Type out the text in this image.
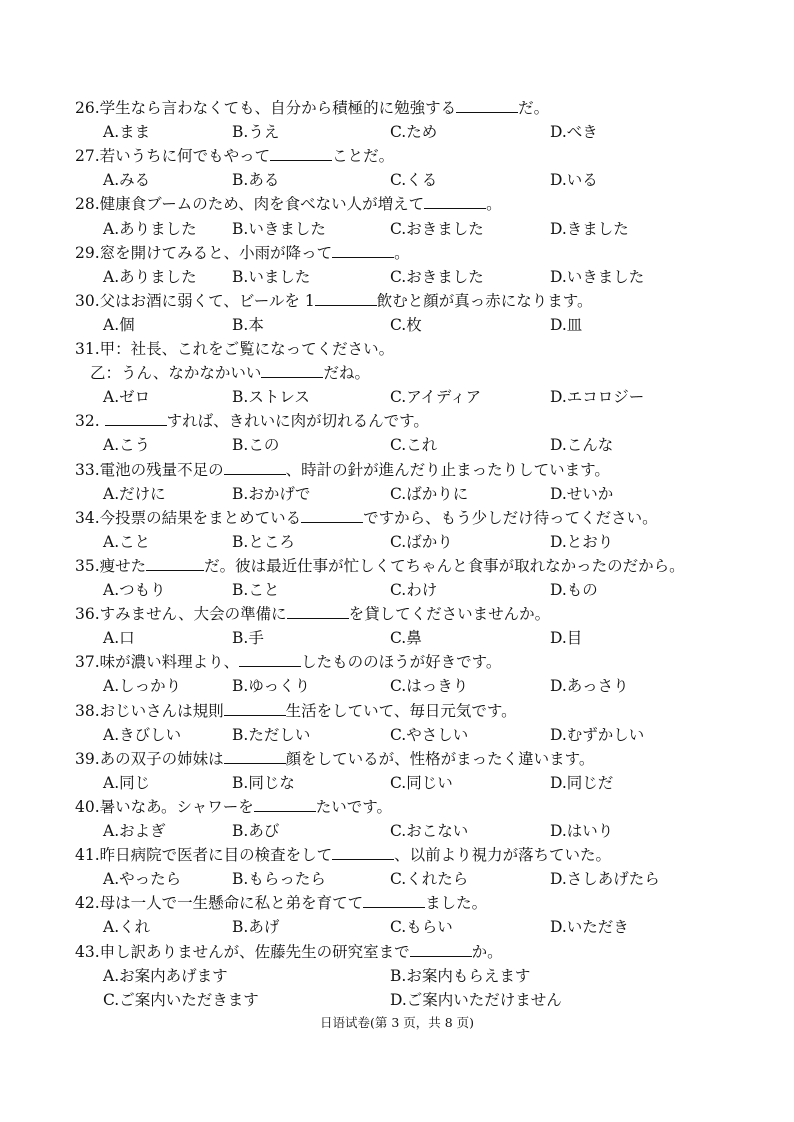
26.学生なら言わなくても、自分から積極的に勉強する	だ。
A.まま	B.うえ	C.ため	D.べき
27.若いうちに何でもやって	ことだ。
A.みる	B.ある	C.くる	D.いる
28.健康食ブームのため、肉を食べない人が増えて	。
A.ありました B.いきました	C.おきました	D.きました
29.窓を開けてみると、小雨が降って	。
A.ありました B.いました	C.おきました	D.いきました
30.父はお酒に弱くて、ビールを 1	飲むと顔が真っ赤になります。
A.個	B.本	C.枚	D.皿
31.甲：社長、これをご覧になってください。
乙：うん、なかなかいい	だね。
A.ゼロ	B.ストレス	C.アイディア	D.エコロジー
32.	すれば、きれいに肉が切れるんです。
A.こう	B.この	C.これ	D.こんな
33.電池の残量不足の	、時計の針が進んだり止まったりしています。
A.だけに	B.おかげで	C.ばかりに	D.せいか
34.今投票の結果をまとめている	ですから、もう少しだけ待ってください。
A.こと	B.ところ	C.ばかり	D.とおり
35.痩せた	だ。彼は最近仕事が忙しくてちゃんと食事が取れなかったのだから。
A.つもり	B.こと	C.わけ	D.もの
36.すみません、大会の準備に	を貸してくださいませんか。
A.口	B.手	C.鼻	D.目
37.味が濃い料理より、	したもののほうが好きです。
A.しっかり	B.ゆっくり	C.はっきり	D.あっさり
38.おじいさんは規則	生活をしていて、毎日元気です。
A.きびしい	B.ただしい	C.やさしい	D.むずかしい
39.あの双子の姉妹は	顔をしているが、性格がまったく違います。
A.同じ	B.同じな	C.同じい	D.同じだ
40.暑いなあ。シャワーを	たいです。
A.およぎ	B.あび	C.おこない	D.はいり
41.昨日病院で医者に目の検査をして	、以前より視力が落ちていた。
A.やったら	B.もらったら	C.くれたら	D.さしあげたら
42.母は一人で一生懸命に私と弟を育てて	ました。
A.くれ	B.あげ	C.もらい	D.いただき
43.申し訳ありませんが、佐藤先生の研究室まで	か。
A.お案内あげます	B.お案内もらえます
C.ご案内いただきます	D.ご案内いただけません
日语试卷(第 3 页，共 8 页)
